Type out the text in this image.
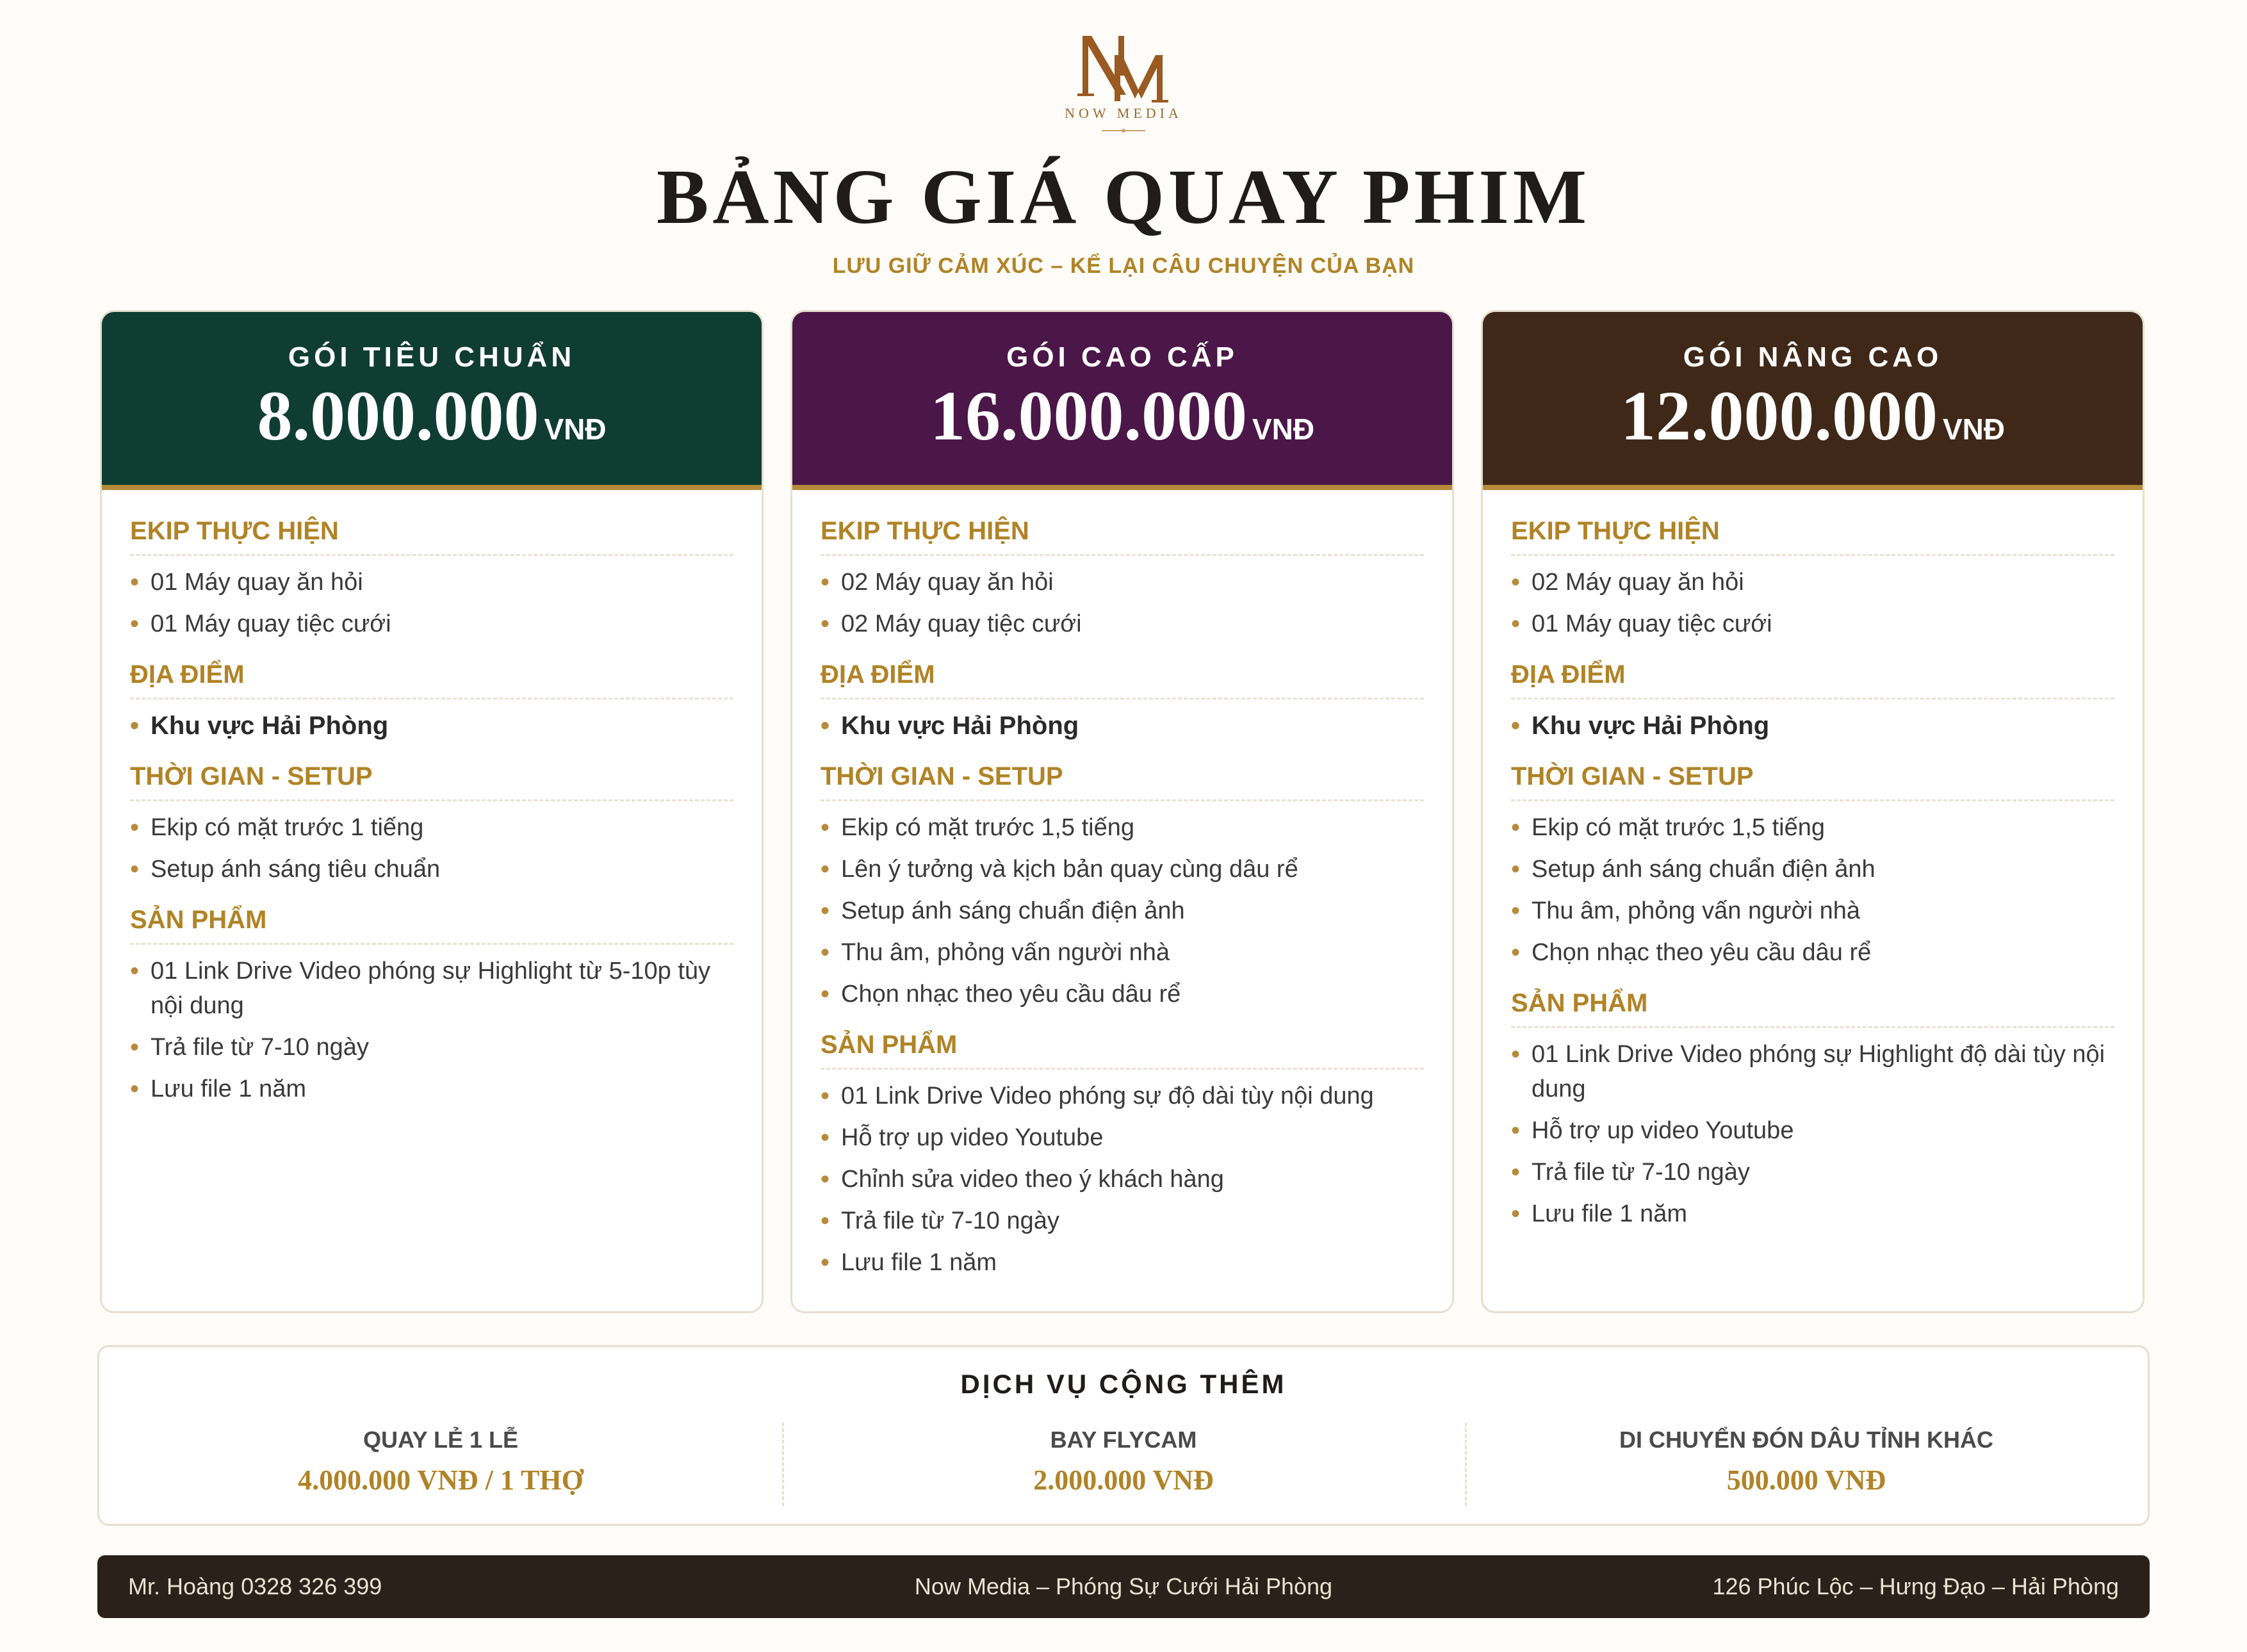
NOW MEDIA
BẢNG GIÁ QUAY PHIM
LƯU GIỮ CẢM XÚC – KỂ LẠI CÂU CHUYỆN CỦA BẠN
GÓI TIÊU CHUẨN
8.000.000 VNĐ
EKIP THỰC HIỆN
• 01 Máy quay ăn hỏi
• 01 Máy quay tiệc cưới
ĐỊA ĐIỂM
• Khu vực Hải Phòng
THỜI GIAN - SETUP
• Ekip có mặt trước 1 tiếng
• Setup ánh sáng tiêu chuẩn
SẢN PHẨM
• 01 Link Drive Video phóng sự Highlight từ 5-10p tùy nội dung
• Trả file từ 7-10 ngày
• Lưu file 1 năm
GÓI CAO CẤP
16.000.000 VNĐ
EKIP THỰC HIỆN
• 02 Máy quay ăn hỏi
• 02 Máy quay tiệc cưới
ĐỊA ĐIỂM
• Khu vực Hải Phòng
THỜI GIAN - SETUP
• Ekip có mặt trước 1,5 tiếng
• Lên ý tưởng và kịch bản quay cùng dâu rể
• Setup ánh sáng chuẩn điện ảnh
• Thu âm, phỏng vấn người nhà
• Chọn nhạc theo yêu cầu dâu rể
SẢN PHẨM
• 01 Link Drive Video phóng sự độ dài tùy nội dung
• Hỗ trợ up video Youtube
• Chỉnh sửa video theo ý khách hàng
• Trả file từ 7-10 ngày
• Lưu file 1 năm
GÓI NÂNG CAO
12.000.000 VNĐ
EKIP THỰC HIỆN
• 02 Máy quay ăn hỏi
• 01 Máy quay tiệc cưới
ĐỊA ĐIỂM
• Khu vực Hải Phòng
THỜI GIAN - SETUP
• Ekip có mặt trước 1,5 tiếng
• Setup ánh sáng chuẩn điện ảnh
• Thu âm, phỏng vấn người nhà
• Chọn nhạc theo yêu cầu dâu rể
SẢN PHẨM
• 01 Link Drive Video phóng sự Highlight độ dài tùy nội dung
• Hỗ trợ up video Youtube
• Trả file từ 7-10 ngày
• Lưu file 1 năm
DỊCH VỤ CỘNG THÊM
QUAY LẺ 1 LỄ
4.000.000 VNĐ / 1 THỢ
BAY FLYCAM
2.000.000 VNĐ
DI CHUYỂN ĐÓN DÂU TỈNH KHÁC
500.000 VNĐ
Mr. Hoàng 0328 326 399	Now Media – Phóng Sự Cưới Hải Phòng	126 Phúc Lộc – Hưng Đạo – Hải Phòng
